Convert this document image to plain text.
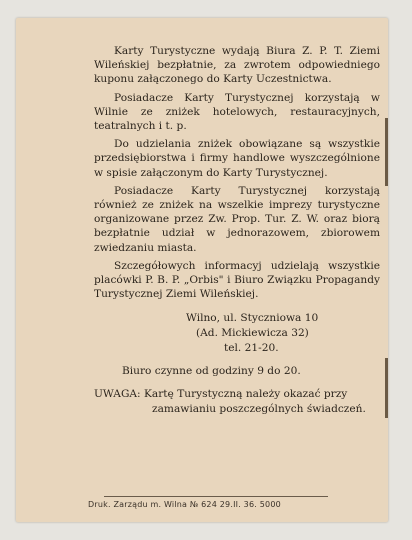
Karty Turystyczne wydają Biura Z. P. T. Ziemi Wileńskiej bezpłatnie, za zwrotem odpowiedniego kuponu załączonego do Karty Uczestnictwa.

Posiadacze Karty Turystycznej korzystają w Wilnie ze zniżek hotelowych, restauracyjnych, teatralnych i t. p.

Do udzielania zniżek obowiązane są wszystkie przedsiębiorstwa i firmy handlowe wyszczególnione w spisie załączonym do Karty Turystycznej.

Posiadacze Karty Turystycznej korzystają również ze zniżek na wszelkie imprezy turystyczne organizowane przez Zw. Prop. Tur. Z. W. oraz biorą bezpłatnie udział w jednorazowem, zbiorowem zwiedzaniu miasta.

Szczegółowych informacyj udzielają wszystkie placówki P. B. P. „Orbis" i Biuro Związku Propagandy Turystycznej Ziemi Wileńskiej.

Wilno, ul. Styczniowa 10
(Ad. Mickiewicza 32)
tel. 21-20.
Biuro czynne od godziny 9 do 20.
UWAGA: Kartę Turystyczną należy okazać przy
zamawianiu poszczególnych świadczeń.
Druk. Zarządu m. Wilna № 624 29.II. 36. 5000
